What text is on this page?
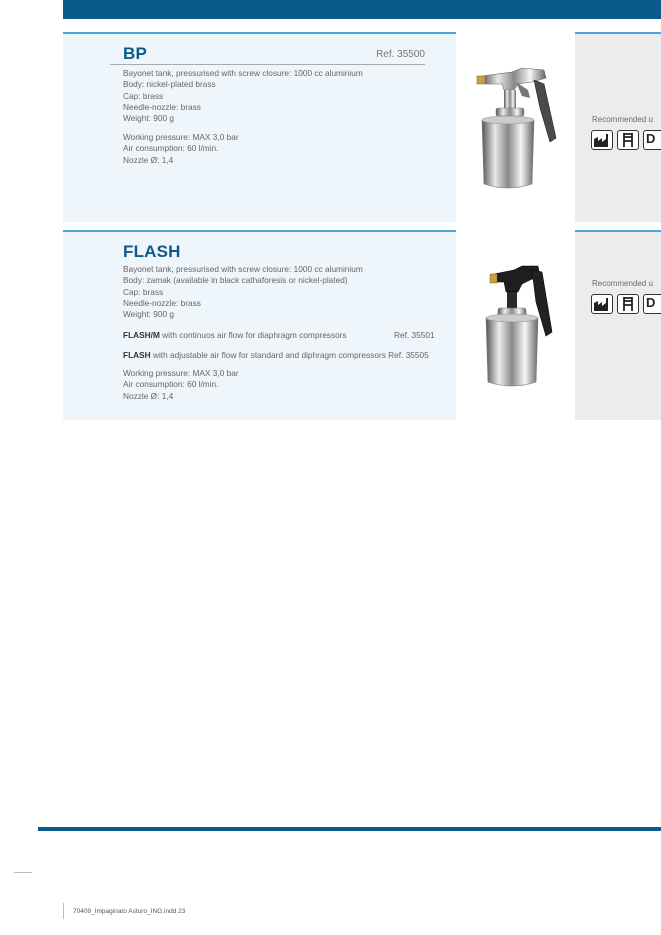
BP	Ref. 35500
Bayonet tank, pressurised with screw closure: 1000 cc aluminium
Body: nickel-plated brass
Cap: brass
Needle-nozzle: brass
Weight: 900 g
Working pressure: MAX 3,0 bar
Air consumption: 60 l/min.
Nozzle Ø: 1,4
Recommended u
D
FLASH
Bayonet tank, pressurised with screw closure: 1000 cc aluminium
Body: zamak (available in black cathaforesis or nickel-plated)
Cap: brass
Needle-nozzle: brass
Weight: 900 g
FLASH/M with continuos air flow for diaphragm compressors	Ref. 35501
FLASH with adjustable air flow for standard and diphragm compressors Ref. 35505
Working pressure: MAX 3,0 bar
Air consumption: 60 l/min.
Nozzle Ø: 1,4
Recommended u
D
70409_Impaginato Asturo_ING.indd 23
